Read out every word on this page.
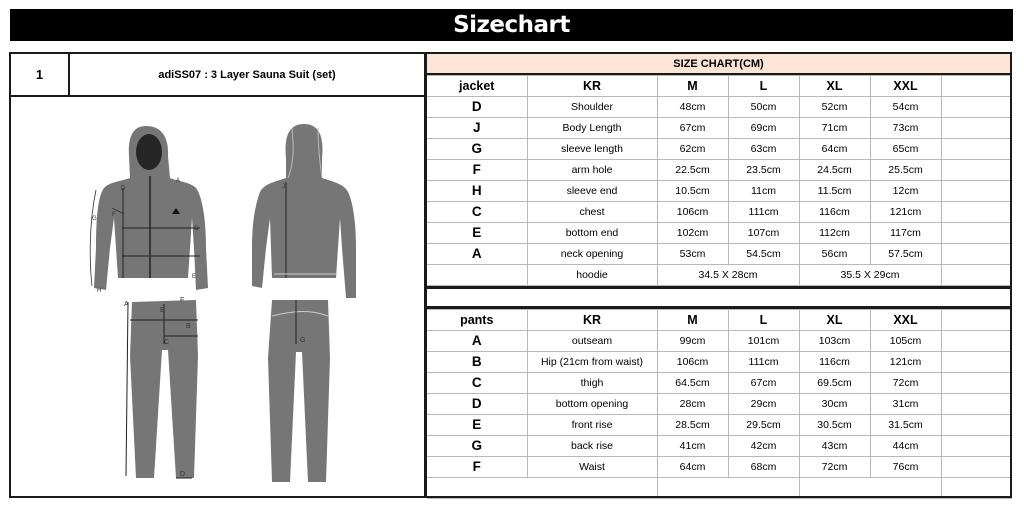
Sizechart
1	adiSS07 : 3 Layer Sauna Suit (set)
G
F
D
C
E
A
H
J
A
F
E
B
C
D
G
SIZE CHART(CM)
jacket	KR	M	L	XL	XXL	
D	Shoulder	48cm	50cm	52cm	54cm	
J	Body Length	67cm	69cm	71cm	73cm	
G	sleeve length	62cm	63cm	64cm	65cm	
F	arm hole	22.5cm	23.5cm	24.5cm	25.5cm	
H	sleeve end	10.5cm	11cm	11.5cm	12cm	
C	chest	106cm	111cm	116cm	121cm	
E	bottom end	102cm	107cm	112cm	117cm	
A	neck opening	53cm	54.5cm	56cm	57.5cm	
	hoodie	34.5 X 28cm		35.5 X 29cm		
pants	KR	M	L	XL	XXL	
A	outseam	99cm	101cm	103cm	105cm	
B	Hip (21cm from waist)	106cm	111cm	116cm	121cm	
C	thigh	64.5cm	67cm	69.5cm	72cm	
D	bottom opening	28cm	29cm	30cm	31cm	
E	front rise	28.5cm	29.5cm	30.5cm	31.5cm	
G	back rise	41cm	42cm	43cm	44cm	
F	Waist	64cm	68cm	72cm	76cm	
